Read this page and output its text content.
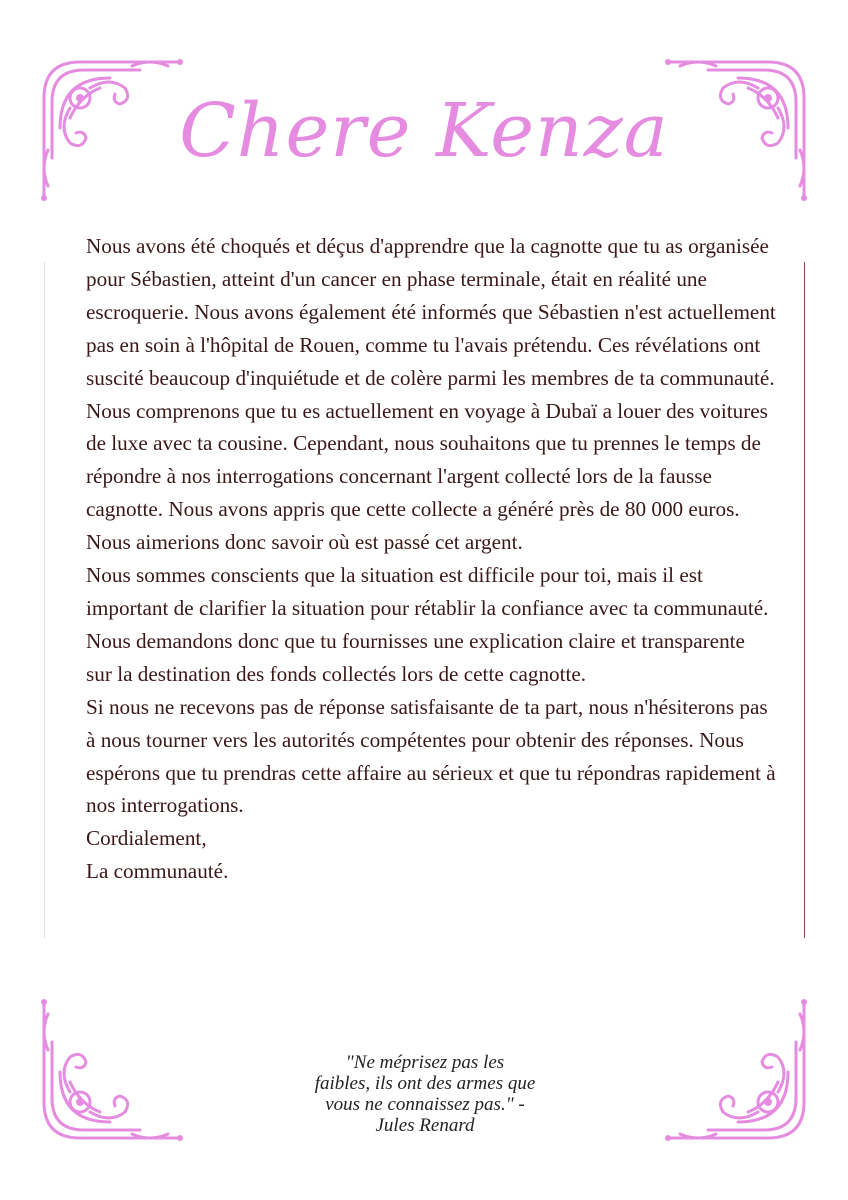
Chere Kenza

Nous avons été choqués et déçus d'apprendre que la cagnotte que tu as organisée pour Sébastien, atteint d'un cancer en phase terminale, était en réalité une escroquerie. Nous avons également été informés que Sébastien n'est actuellement pas en soin à l'hôpital de Rouen, comme tu l'avais prétendu. Ces révélations ont suscité beaucoup d'inquiétude et de colère parmi les membres de ta communauté.

Nous comprenons que tu es actuellement en voyage à Dubaï a louer des voitures de luxe avec ta cousine. Cependant, nous souhaitons que tu prennes le temps de répondre à nos interrogations concernant l'argent collecté lors de la fausse cagnotte. Nous avons appris que cette collecte a généré près de 80 000 euros. Nous aimerions donc savoir où est passé cet argent.

Nous sommes conscients que la situation est difficile pour toi, mais il est important de clarifier la situation pour rétablir la confiance avec ta communauté. Nous demandons donc que tu fournisses une explication claire et transparente sur la destination des fonds collectés lors de cette cagnotte.

Si nous ne recevons pas de réponse satisfaisante de ta part, nous n'hésiterons pas à nous tourner vers les autorités compétentes pour obtenir des réponses. Nous espérons que tu prendras cette affaire au sérieux et que tu répondras rapidement à nos interrogations.

Cordialement,

La communauté.

"Ne méprisez pas les
faibles, ils ont des armes que
vous ne connaissez pas." -
Jules Renard
